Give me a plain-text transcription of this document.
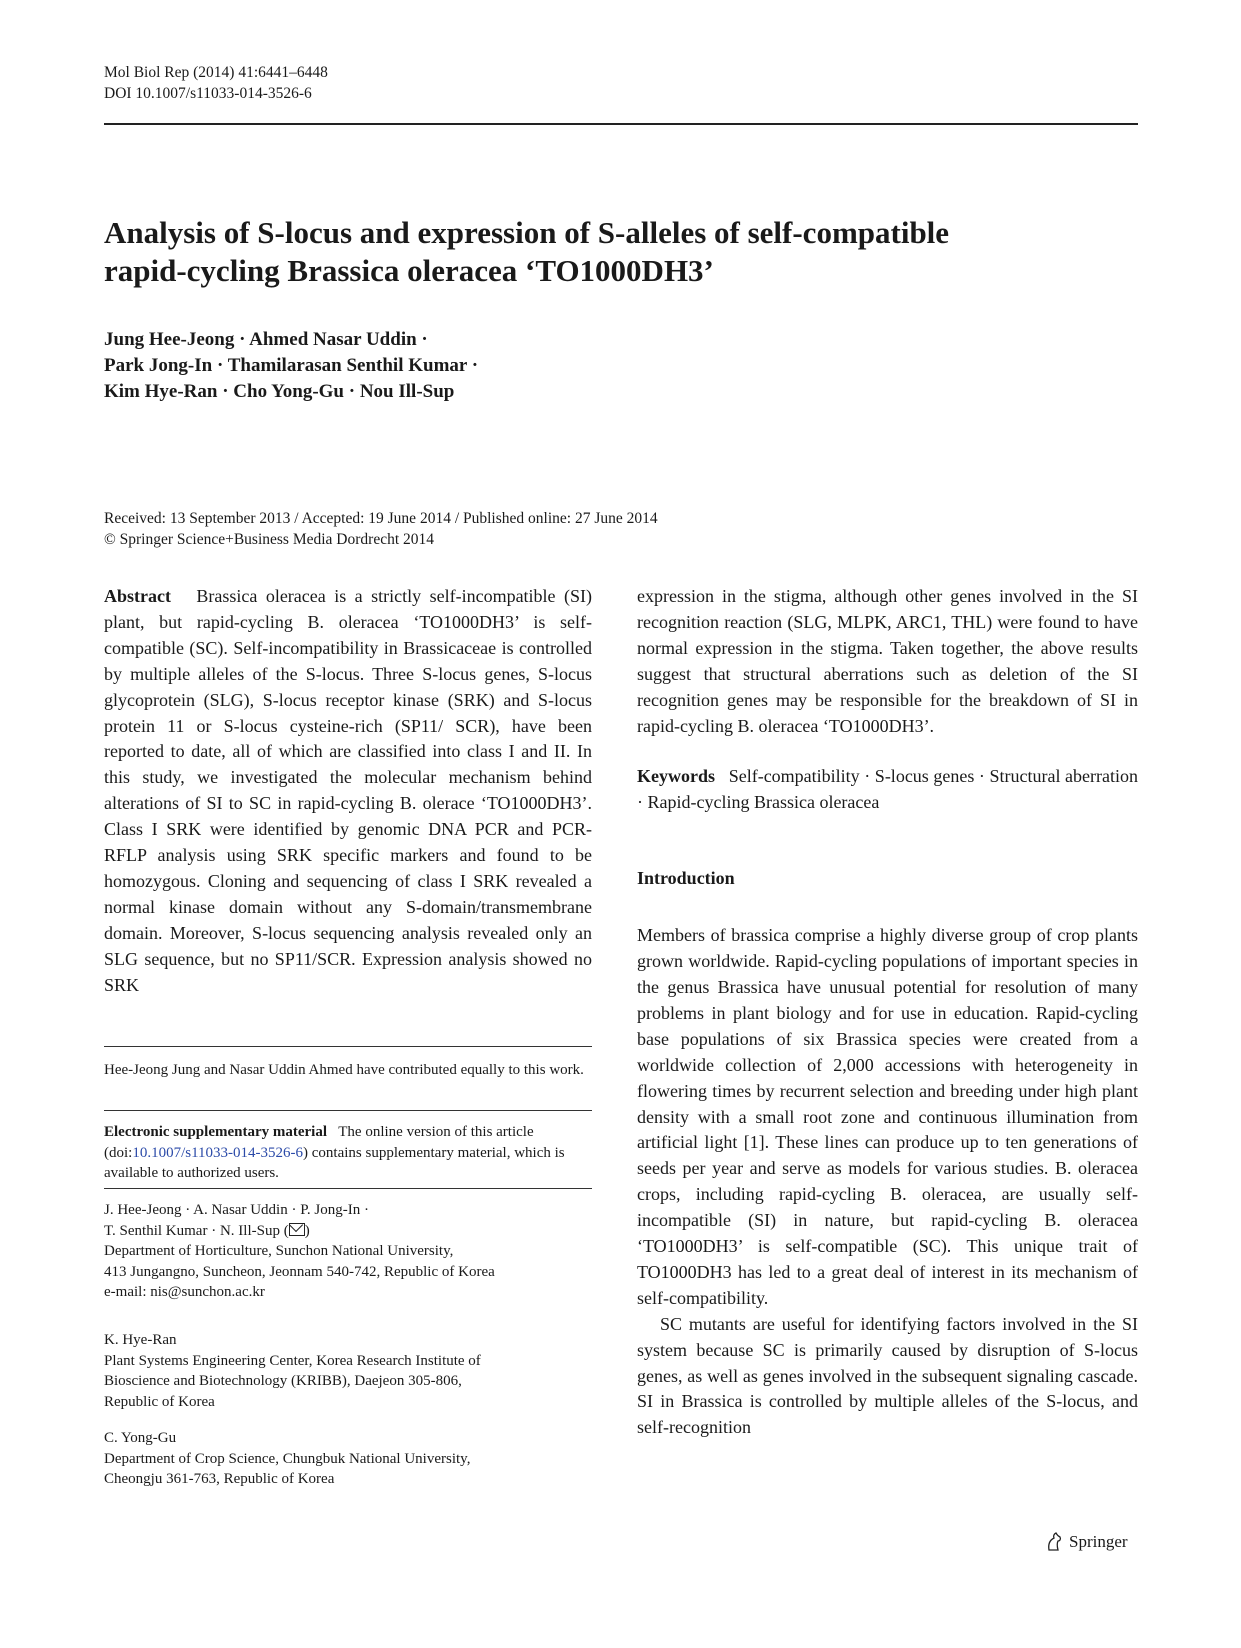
Mol Biol Rep (2014) 41:6441–6448
DOI 10.1007/s11033-014-3526-6
Analysis of S-locus and expression of S-alleles of self-compatible
rapid-cycling Brassica oleracea ‘TO1000DH3’
Jung Hee-Jeong · Ahmed Nasar Uddin ·
Park Jong-In · Thamilarasan Senthil Kumar ·
Kim Hye-Ran · Cho Yong-Gu · Nou Ill-Sup
Received: 13 September 2013 / Accepted: 19 June 2014 / Published online: 27 June 2014
© Springer Science+Business Media Dordrecht 2014

Abstract Brassica oleracea is a strictly self-incompatible (SI) plant, but rapid-cycling B. oleracea ‘TO1000DH3’ is self-compatible (SC). Self-incompatibility in Brassicaceae is controlled by multiple alleles of the S-locus. Three S-locus genes, S-locus glycoprotein (SLG), S-locus receptor kinase (SRK) and S-locus protein 11 or S-locus cysteine-rich (SP11/ SCR), have been reported to date, all of which are classified into class I and II. In this study, we investigated the molecular mechanism behind alterations of SI to SC in rapid-cycling B. olerace ‘TO1000DH3’. Class I SRK were identified by genomic DNA PCR and PCR-RFLP analysis using SRK specific markers and found to be homozygous. Cloning and sequencing of class I SRK revealed a normal kinase domain without any S-domain/transmembrane domain. Moreover, S-locus sequencing analysis revealed only an SLG sequence, but no SP11/SCR. Expression analysis showed no SRK

expression in the stigma, although other genes involved in the SI recognition reaction (SLG, MLPK, ARC1, THL) were found to have normal expression in the stigma. Taken together, the above results suggest that structural aberrations such as deletion of the SI recognition genes may be responsible for the breakdown of SI in rapid-cycling B. oleracea ‘TO1000DH3’.

Keywords Self-compatibility · S-locus genes · Structural aberration · Rapid-cycling Brassica oleracea

Introduction

Members of brassica comprise a highly diverse group of crop plants grown worldwide. Rapid-cycling populations of important species in the genus Brassica have unusual potential for resolution of many problems in plant biology and for use in education. Rapid-cycling base populations of six Brassica species were created from a worldwide collection of 2,000 accessions with heterogeneity in flowering times by recurrent selection and breeding under high plant density with a small root zone and continuous illumination from artificial light [1]. These lines can produce up to ten generations of seeds per year and serve as models for various studies. B. oleracea crops, including rapid-cycling B. oleracea, are usually self-incompatible (SI) in nature, but rapid-cycling B. oleracea ‘TO1000DH3’ is self-compatible (SC). This unique trait of TO1000DH3 has led to a great deal of interest in its mechanism of self-compatibility.

SC mutants are useful for identifying factors involved in the SI system because SC is primarily caused by disruption of S-locus genes, as well as genes involved in the subsequent signaling cascade. SI in Brassica is controlled by multiple alleles of the S-locus, and self-recognition

Hee-Jeong Jung and Nasar Uddin Ahmed have contributed equally to this work.
Electronic supplementary material The online version of this article (doi:10.1007/s11033-014-3526-6) contains supplementary material, which is available to authorized users.
J. Hee-Jeong · A. Nasar Uddin · P. Jong-In ·
T. Senthil Kumar · N. Ill-Sup ( )
Department of Horticulture, Sunchon National University,
413 Jungangno, Suncheon, Jeonnam 540-742, Republic of Korea
e-mail: nis@sunchon.ac.kr
K. Hye-Ran
Plant Systems Engineering Center, Korea Research Institute of
Bioscience and Biotechnology (KRIBB), Daejeon 305-806,
Republic of Korea
C. Yong-Gu
Department of Crop Science, Chungbuk National University,
Cheongju 361-763, Republic of Korea
Springer
